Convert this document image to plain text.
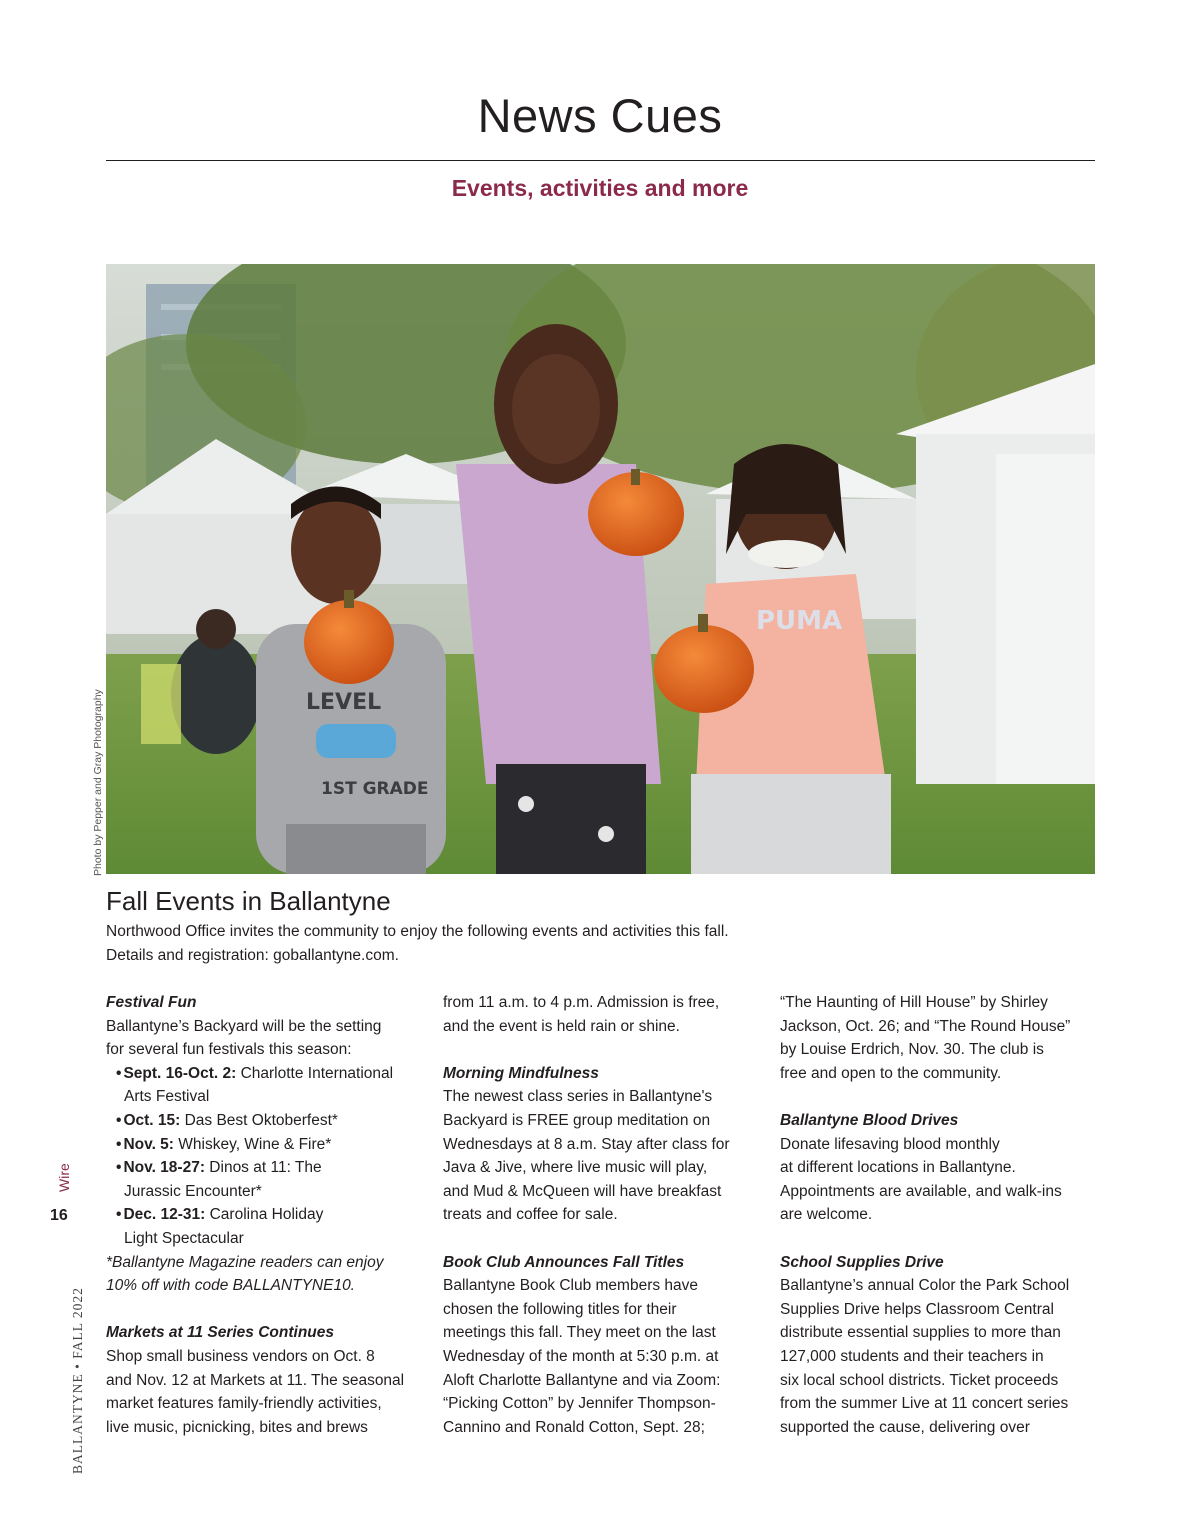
News Cues
Events, activities and more
LEVEL
1ST GRADE
PUMA
Photo by Pepper and Gray Photography
Fall Events in Ballantyne
Northwood Office invites the community to enjoy the following events and activities this fall.
Details and registration: goballantyne.com.
Festival Fun
Ballantyne’s Backyard will be the setting
for several fun festivals this season:
• Sept. 16-Oct. 2: Charlotte International
Arts Festival
• Oct. 15: Das Best Oktoberfest*
• Nov. 5: Whiskey, Wine & Fire*
• Nov. 18-27: Dinos at 11: The
Jurassic Encounter*
• Dec. 12-31: Carolina Holiday
Light Spectacular
*Ballantyne Magazine readers can enjoy
10% off with code BALLANTYNE10.
Markets at 11 Series Continues
Shop small business vendors on Oct. 8
and Nov. 12 at Markets at 11. The seasonal
market features family-friendly activities,
live music, picnicking, bites and brews
from 11 a.m. to 4 p.m. Admission is free,
and the event is held rain or shine.
Morning Mindfulness
The newest class series in Ballantyne's
Backyard is FREE group meditation on
Wednesdays at 8 a.m. Stay after class for
Java & Jive, where live music will play,
and Mud & McQueen will have breakfast
treats and coffee for sale.
Book Club Announces Fall Titles
Ballantyne Book Club members have
chosen the following titles for their
meetings this fall. They meet on the last
Wednesday of the month at 5:30 p.m. at
Aloft Charlotte Ballantyne and via Zoom:
“Picking Cotton” by Jennifer Thompson-
Cannino and Ronald Cotton, Sept. 28;
“The Haunting of Hill House” by Shirley
Jackson, Oct. 26; and “The Round House”
by Louise Erdrich, Nov. 30. The club is
free and open to the community.
Ballantyne Blood Drives
Donate lifesaving blood monthly
at different locations in Ballantyne.
Appointments are available, and walk-ins
are welcome.
School Supplies Drive
Ballantyne’s annual Color the Park School
Supplies Drive helps Classroom Central
distribute essential supplies to more than
127,000 students and their teachers in
six local school districts. Ticket proceeds
from the summer Live at 11 concert series
supported the cause, delivering over
Wire
16
BALLANTYNE • FALL 2022
